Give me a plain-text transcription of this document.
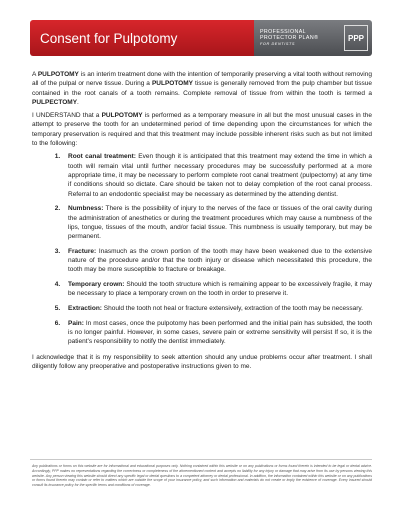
Consent for Pulpotomy	PROFESSIONAL
PROTECTOR PLAN®
FOR DENTISTS
PPP

A PULPOTOMY is an interim treatment done with the intention of temporarily preserving a vital tooth without removing all of the pulpal or nerve tissue. During a PULPOTOMY tissue is generally removed from the pulp chamber but tissue contained in the root canals of a tooth remains. Complete removal of tissue from within the tooth is termed a PULPECTOMY.

I UNDERSTAND that a PULPOTOMY is performed as a temporary measure in all but the most unusual cases in the attempt to preserve the tooth for an undetermined period of time depending upon the circumstances for which the temporary preservation is required and that this treatment may include possible inherent risks such as but not limited to the following:

1. Root canal treatment: Even though it is anticipated that this treatment may extend the time in which a tooth will remain vital until further necessary procedures may be successfully performed at a more appropriate time, it may be necessary to perform complete root canal treatment (pulpectomy) at any time if conditions should so dictate. Care should be taken not to delay completion of the root canal process. Referral to an endodontic specialist may be necessary as determined by the attending dentist.
2. Numbness: There is the possibility of injury to the nerves of the face or tissues of the oral cavity during the administration of anesthetics or during the treatment procedures which may cause a numbness of the lips, tongue, tissues of the mouth, and/or facial tissue. This numbness is usually temporary, but may be permanent.
3. Fracture: Inasmuch as the crown portion of the tooth may have been weakened due to the extensive nature of the procedure and/or that the tooth injury or disease which necessitated this procedure, the tooth may be more susceptible to fracture or breakage.
4. Temporary crown: Should the tooth structure which is remaining appear to be excessively fragile, it may be necessary to place a temporary crown on the tooth in order to preserve it.
5. Extraction: Should the tooth not heal or fracture extensively, extraction of the tooth may be necessary.
6. Pain: In most cases, once the pulpotomy has been performed and the initial pain has subsided, the tooth is no longer painful. However, in some cases, severe pain or extreme sensitivity will persist If so, it is the patient’s responsibility to notify the dentist immediately.

I acknowledge that it is my responsibility to seek attention should any undue problems occur after treatment. I shall diligently follow any preoperative and postoperative instructions given to me.

Any publications or forms on this website are for informational and educational purposes only. Nothing contained within this website or on any publications or forms found therein is intended to be legal or dental advice. Accordingly, PPP makes no representations regarding the correctness or completeness of the aforementioned content and accepts no liability for any injury or damage that may arise from its use by persons viewing this website. Any person viewing this website should direct any specific legal or dental questions to a competent attorney or dental professional. In addition, the information contained within this website or on any publications or forms found therein may contain or refer to matters which are outside the scope of your insurance policy, and such information and materials do not create or imply the existence of coverage. Every insured should consult its insurance policy for the specific terms and conditions of coverage.
